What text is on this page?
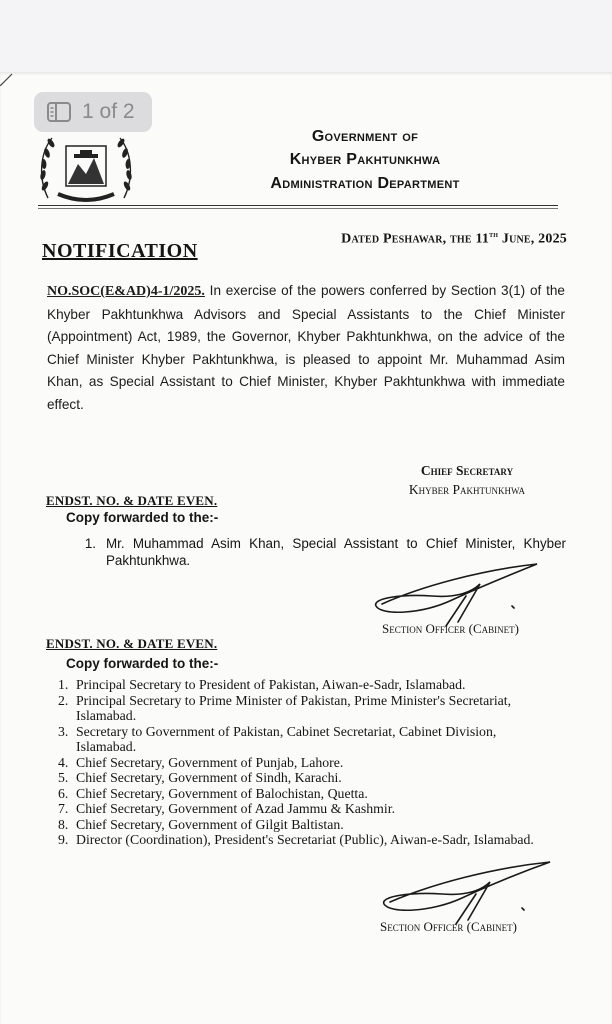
Government of
Khyber Pakhtunkhwa
Administration Department
Dated Peshawar, the 11th June, 2025
NOTIFICATION
NO.SOC(E&AD)4-1/2025. In exercise of the powers conferred by Section 3(1) of the Khyber Pakhtunkhwa Advisors and Special Assistants to the Chief Minister (Appointment) Act, 1989, the Governor, Khyber Pakhtunkhwa, on the advice of the Chief Minister Khyber Pakhtunkhwa, is pleased to appoint Mr. Muhammad Asim Khan, as Special Assistant to Chief Minister, Khyber Pakhtunkhwa with immediate effect.
Chief Secretary
Khyber Pakhtunkhwa
ENDST. NO. & DATE EVEN.
Copy forwarded to the:-
1. Mr. Muhammad Asim Khan, Special Assistant to Chief Minister, Khyber Pakhtunkhwa.
Section Officer (Cabinet)
ENDST. NO. & DATE EVEN.
Copy forwarded to the:-
1. Principal Secretary to President of Pakistan, Aiwan-e-Sadr, Islamabad.
2. Principal Secretary to Prime Minister of Pakistan, Prime Minister's Secretariat, Islamabad.
3. Secretary to Government of Pakistan, Cabinet Secretariat, Cabinet Division, Islamabad.
4. Chief Secretary, Government of Punjab, Lahore.
5. Chief Secretary, Government of Sindh, Karachi.
6. Chief Secretary, Government of Balochistan, Quetta.
7. Chief Secretary, Government of Azad Jammu & Kashmir.
8. Chief Secretary, Government of Gilgit Baltistan.
9. Director (Coordination), President's Secretariat (Public), Aiwan-e-Sadr, Islamabad.
Section Officer (Cabinet)
1 of 2
